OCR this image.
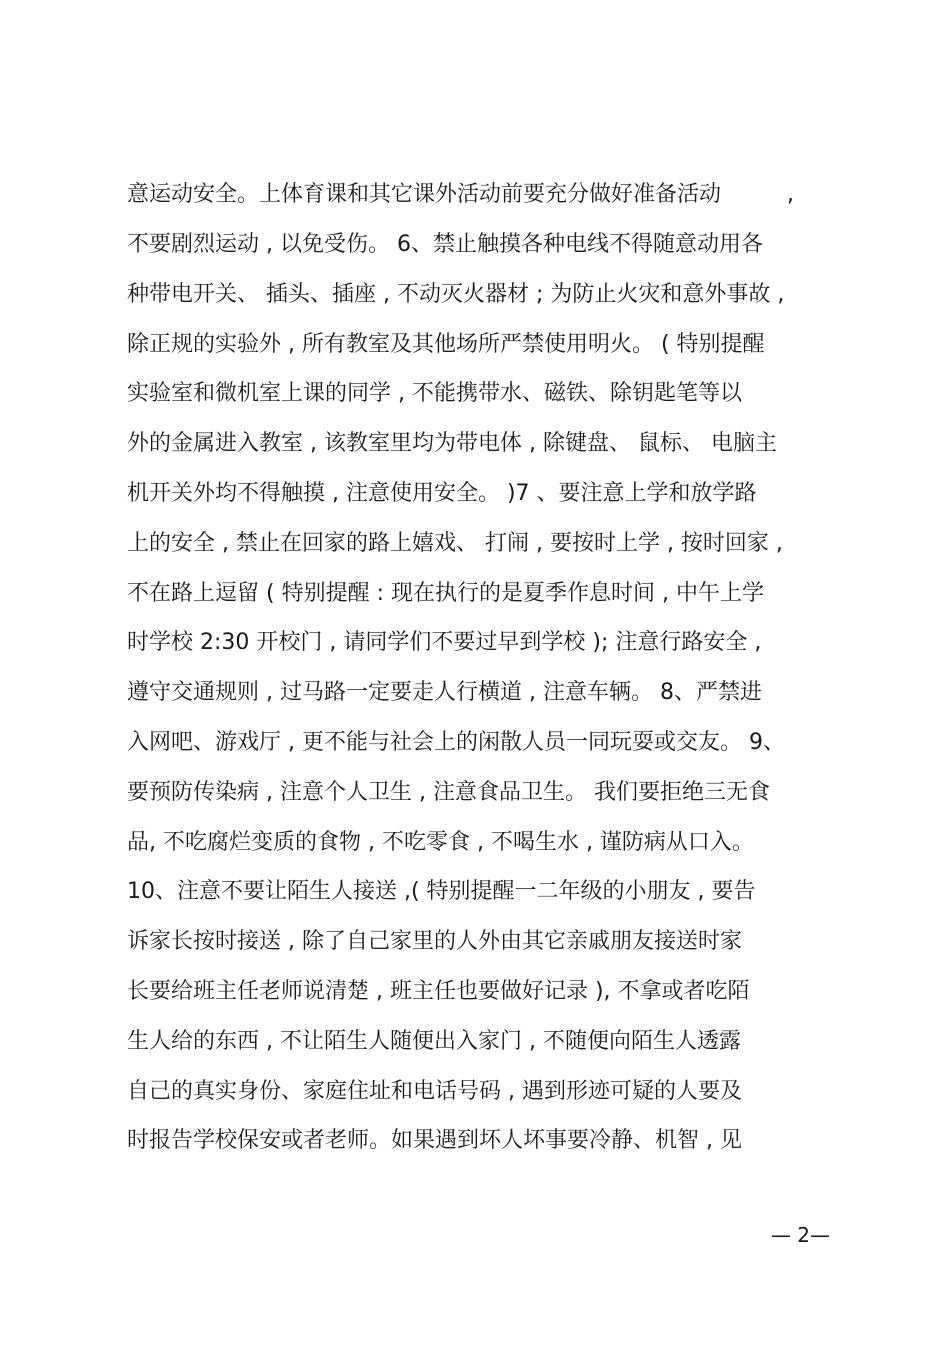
意运动安全。上体育课和其它课外活动前要充分做好准备活动　　　,
不要剧烈运动 , 以免受伤。 6、禁止触摸各种电线不得随意动用各
种带电开关、 插头、插座 , 不动灭火器材 ; 为防止火灾和意外事故 ,
除正规的实验外 , 所有教室及其他场所严禁使用明火。 ( 特别提醒
实验室和微机室上课的同学 , 不能携带水、磁铁、除钥匙笔等以
外的金属进入教室 , 该教室里均为带电体 , 除键盘、 鼠标、 电脑主
机开关外均不得触摸 , 注意使用安全。 )7 、要注意上学和放学路
上的安全 , 禁止在回家的路上嬉戏、 打闹 , 要按时上学 , 按时回家 ,
不在路上逗留 ( 特别提醒 : 现在执行的是夏季作息时间 , 中午上学
时学校 2:30 开校门 , 请同学们不要过早到学校 ); 注意行路安全 ,
遵守交通规则 , 过马路一定要走人行横道 , 注意车辆。 8、严禁进
入网吧、游戏厅 , 更不能与社会上的闲散人员一同玩耍或交友。 9、
要预防传染病 , 注意个人卫生 , 注意食品卫生。 我们要拒绝三无食
品, 不吃腐烂变质的食物 , 不吃零食 , 不喝生水 , 谨防病从口入。
10、注意不要让陌生人接送 ,( 特别提醒一二年级的小朋友 , 要告
诉家长按时接送 , 除了自己家里的人外由其它亲戚朋友接送时家
长要给班主任老师说清楚 , 班主任也要做好记录 ), 不拿或者吃陌
生人给的东西 , 不让陌生人随便出入家门 , 不随便向陌生人透露
自己的真实身份、家庭住址和电话号码 , 遇到形迹可疑的人要及
时报告学校保安或者老师。如果遇到坏人坏事要冷静、机智 , 见
— 2—
